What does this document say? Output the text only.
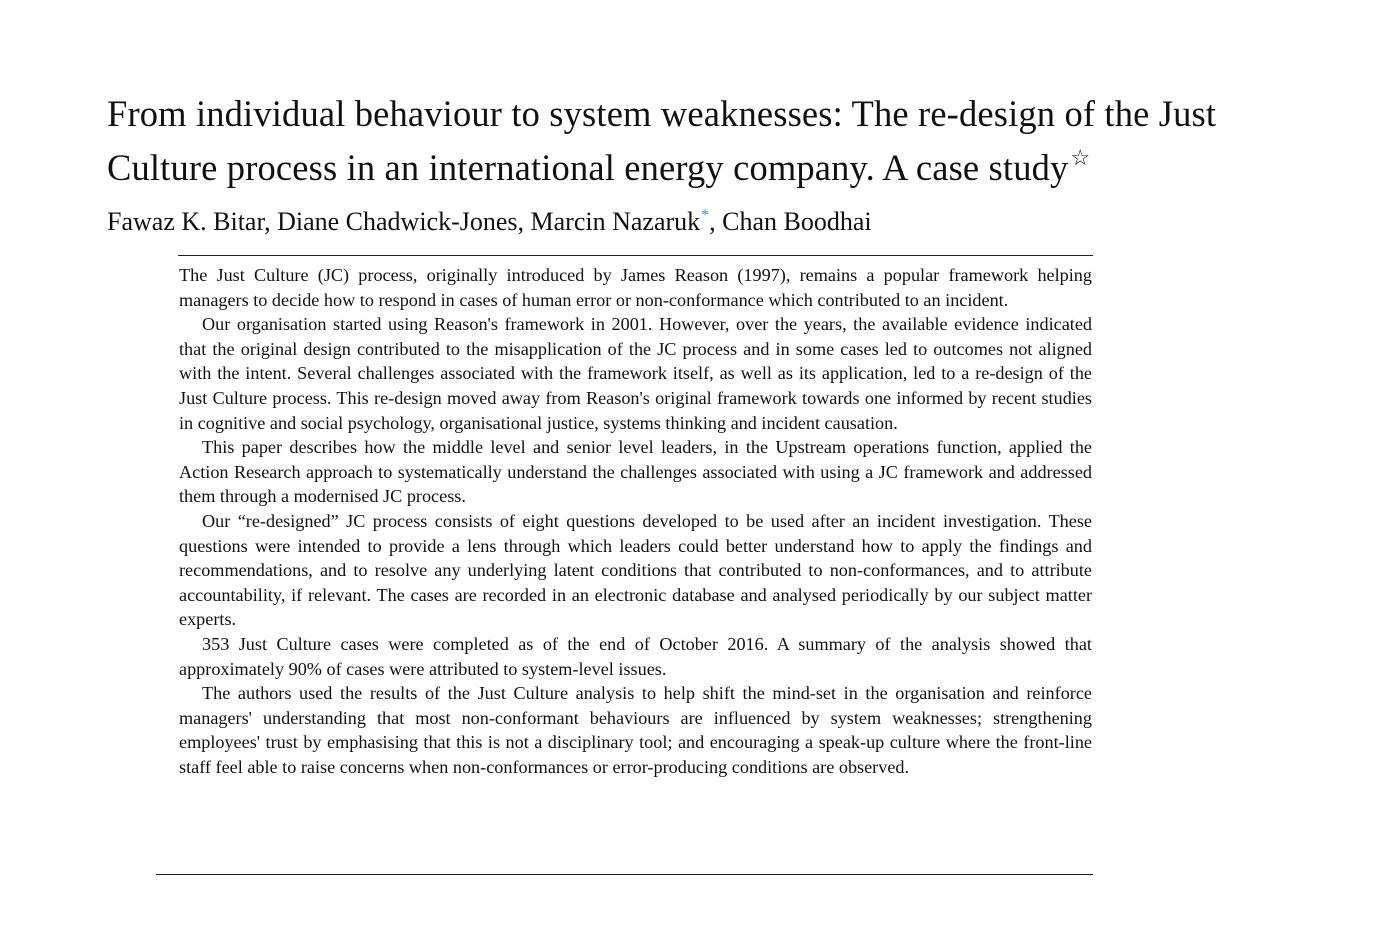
From individual behaviour to system weaknesses: The re-design of the Just Culture process in an international energy company. A case study☆
Fawaz K. Bitar, Diane Chadwick-Jones, Marcin Nazaruk*, Chan Boodhai

The Just Culture (JC) process, originally introduced by James Reason (1997), remains a popular framework helping managers to decide how to respond in cases of human error or non-conformance which contributed to an incident.

Our organisation started using Reason's framework in 2001. However, over the years, the available evidence indicated that the original design contributed to the misapplication of the JC process and in some cases led to outcomes not aligned with the intent. Several challenges associated with the framework itself, as well as its application, led to a re-design of the Just Culture process. This re-design moved away from Reason's original framework towards one informed by recent studies in cognitive and social psychology, organisational justice, systems thinking and incident causation.

This paper describes how the middle level and senior level leaders, in the Upstream operations function, applied the Action Research approach to systematically understand the challenges associated with using a JC framework and addressed them through a modernised JC process.

Our “re-designed” JC process consists of eight questions developed to be used after an incident investigation. These questions were intended to provide a lens through which leaders could better understand how to apply the findings and recommendations, and to resolve any underlying latent conditions that contributed to non-conformances, and to attribute accountability, if relevant. The cases are recorded in an electronic database and analysed periodically by our subject matter experts.

353 Just Culture cases were completed as of the end of October 2016. A summary of the analysis showed that approximately 90% of cases were attributed to system-level issues.

The authors used the results of the Just Culture analysis to help shift the mind-set in the organisation and reinforce managers' understanding that most non-conformant behaviours are influenced by system weaknesses; strengthening employees' trust by emphasising that this is not a disciplinary tool; and encouraging a speak-up culture where the front-line staff feel able to raise concerns when non-conformances or error-producing conditions are observed.
